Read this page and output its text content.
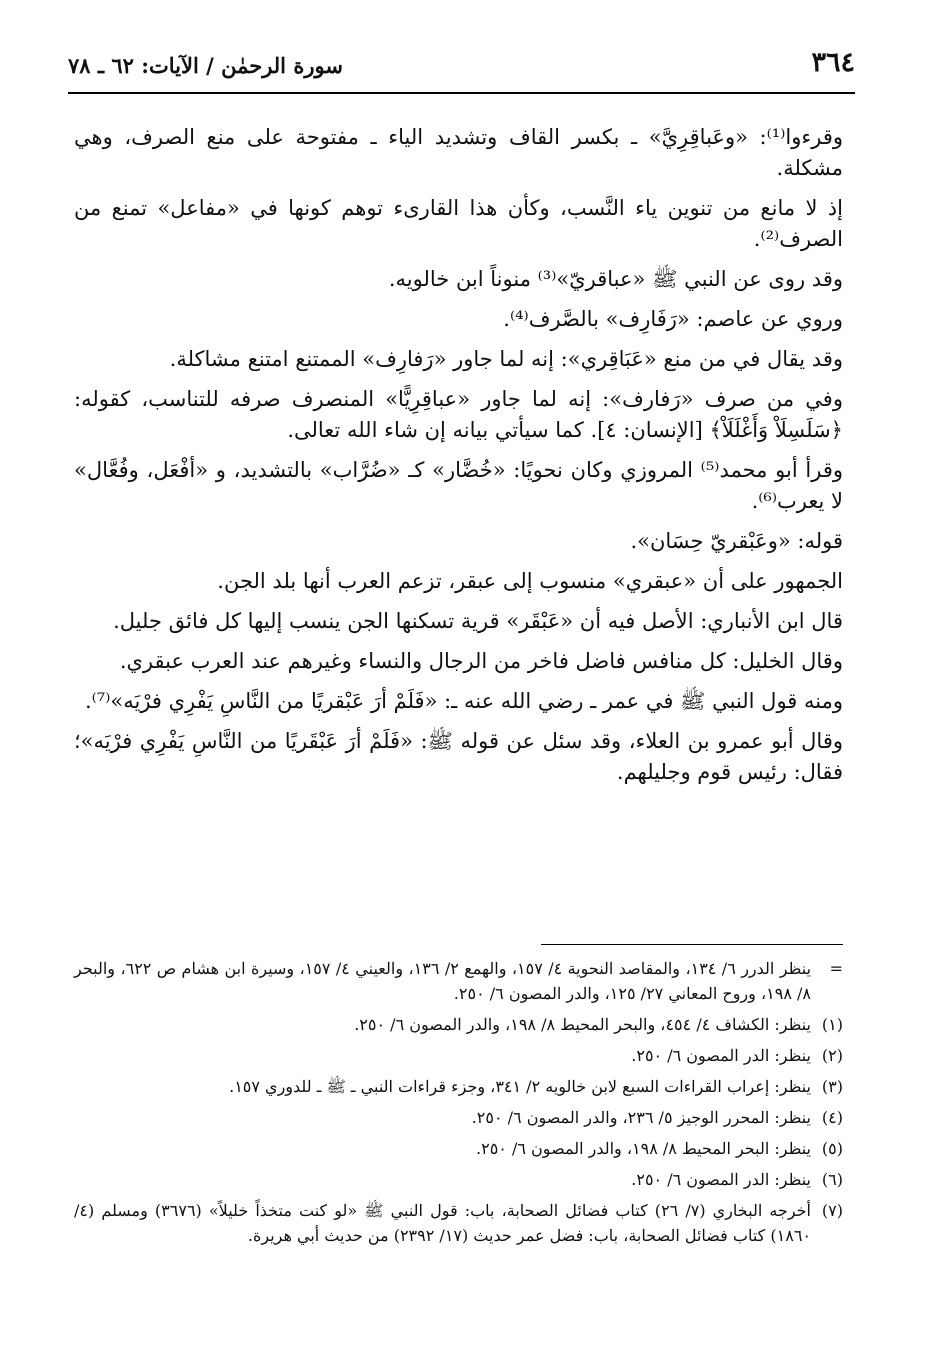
٣٦٤
سورة الرحمٰن / الآيات: ٦٢ ـ ٧٨

وقرءوا⁽¹⁾: «وعَباقِرِيَّ» ـ بكسر القاف وتشديد الياء ـ مفتوحة على منع الصرف، وهي مشكلة.

إذ لا مانع من تنوين ياء النَّسب، وكأن هذا القارىء توهم كونها في «مفاعل» تمنع من الصرف⁽²⁾.

وقد روى عن النبي ﷺ «عباقريّ»⁽³⁾ منوناً ابن خالويه.

وروي عن عاصم: «رَفَارِف» بالصَّرف⁽⁴⁾.

وقد يقال في من منع «عَبَاقِري»: إنه لما جاور «رَفارِف» الممتنع امتنع مشاكلة.

وفي من صرف «رَفارف»: إنه لما جاور «عباقِرِيًّا» المنصرف صرفه للتناسب، كقوله: ﴿سَلَسِلَاْ وَأَغْلَلَاْ﴾ [الإنسان: ٤]. كما سيأتي بيانه إن شاء الله تعالى.

وقرأ أبو محمد⁽⁵⁾ المروزي وكان نحويًا: «خُضَّار» كـ «ضُرَّاب» بالتشديد، و «أفْعَل، وفُعَّال» لا يعرب⁽⁶⁾.

قوله: «وعَبْقريّ حِسَان».

الجمهور على أن «عبقري» منسوب إلى عبقر، تزعم العرب أنها بلد الجن.

قال ابن الأنباري: الأصل فيه أن «عَبْقَر» قرية تسكنها الجن ينسب إليها كل فائق جليل.

وقال الخليل: كل منافس فاضل فاخر من الرجال والنساء وغيرهم عند العرب عبقري.

ومنه قول النبي ﷺ في عمر ـ رضي الله عنه ـ: «فَلَمْ أرَ عَبْقريًا من النَّاسِ يَفْرِي فرْيَه»⁽⁷⁾.

وقال أبو عمرو بن العلاء، وقد سئل عن قوله ﷺ: «فَلَمْ أرَ عَبْقَريًا من النَّاسِ يَفْرِي فرْيَه»؛ فقال: رئيس قوم وجليلهم.

=
ينظر الدرر ٦/ ١٣٤، والمقاصد النحوية ٤/ ١٥٧، والهمع ٢/ ١٣٦، والعيني ٤/ ١٥٧، وسيرة ابن هشام ص ٦٢٢، والبحر ٨/ ١٩٨، وروح المعاني ٢٧/ ١٢٥، والدر المصون ٦/ ٢٥٠.
(١)
ينظر: الكشاف ٤/ ٤٥٤، والبحر المحيط ٨/ ١٩٨، والدر المصون ٦/ ٢٥٠.
(٢)
ينظر: الدر المصون ٦/ ٢٥٠.
(٣)
ينظر: إعراب القراءات السبع لابن خالويه ٢/ ٣٤١، وجزء قراءات النبي ـ ﷺ ـ للدوري ١٥٧.
(٤)
ينظر: المحرر الوجيز ٥/ ٢٣٦، والدر المصون ٦/ ٢٥٠.
(٥)
ينظر: البحر المحيط ٨/ ١٩٨، والدر المصون ٦/ ٢٥٠.
(٦)
ينظر: الدر المصون ٦/ ٢٥٠.
(٧)
أخرجه البخاري (٧/ ٢٦) كتاب فضائل الصحابة، باب: قول النبي ﷺ «لو كنت متخذاً خليلاً» (٣٦٧٦) ومسلم (٤/ ١٨٦٠) كتاب فضائل الصحابة، باب: فضل عمر حديث (١٧/ ٢٣٩٢) من حديث أبي هريرة.
